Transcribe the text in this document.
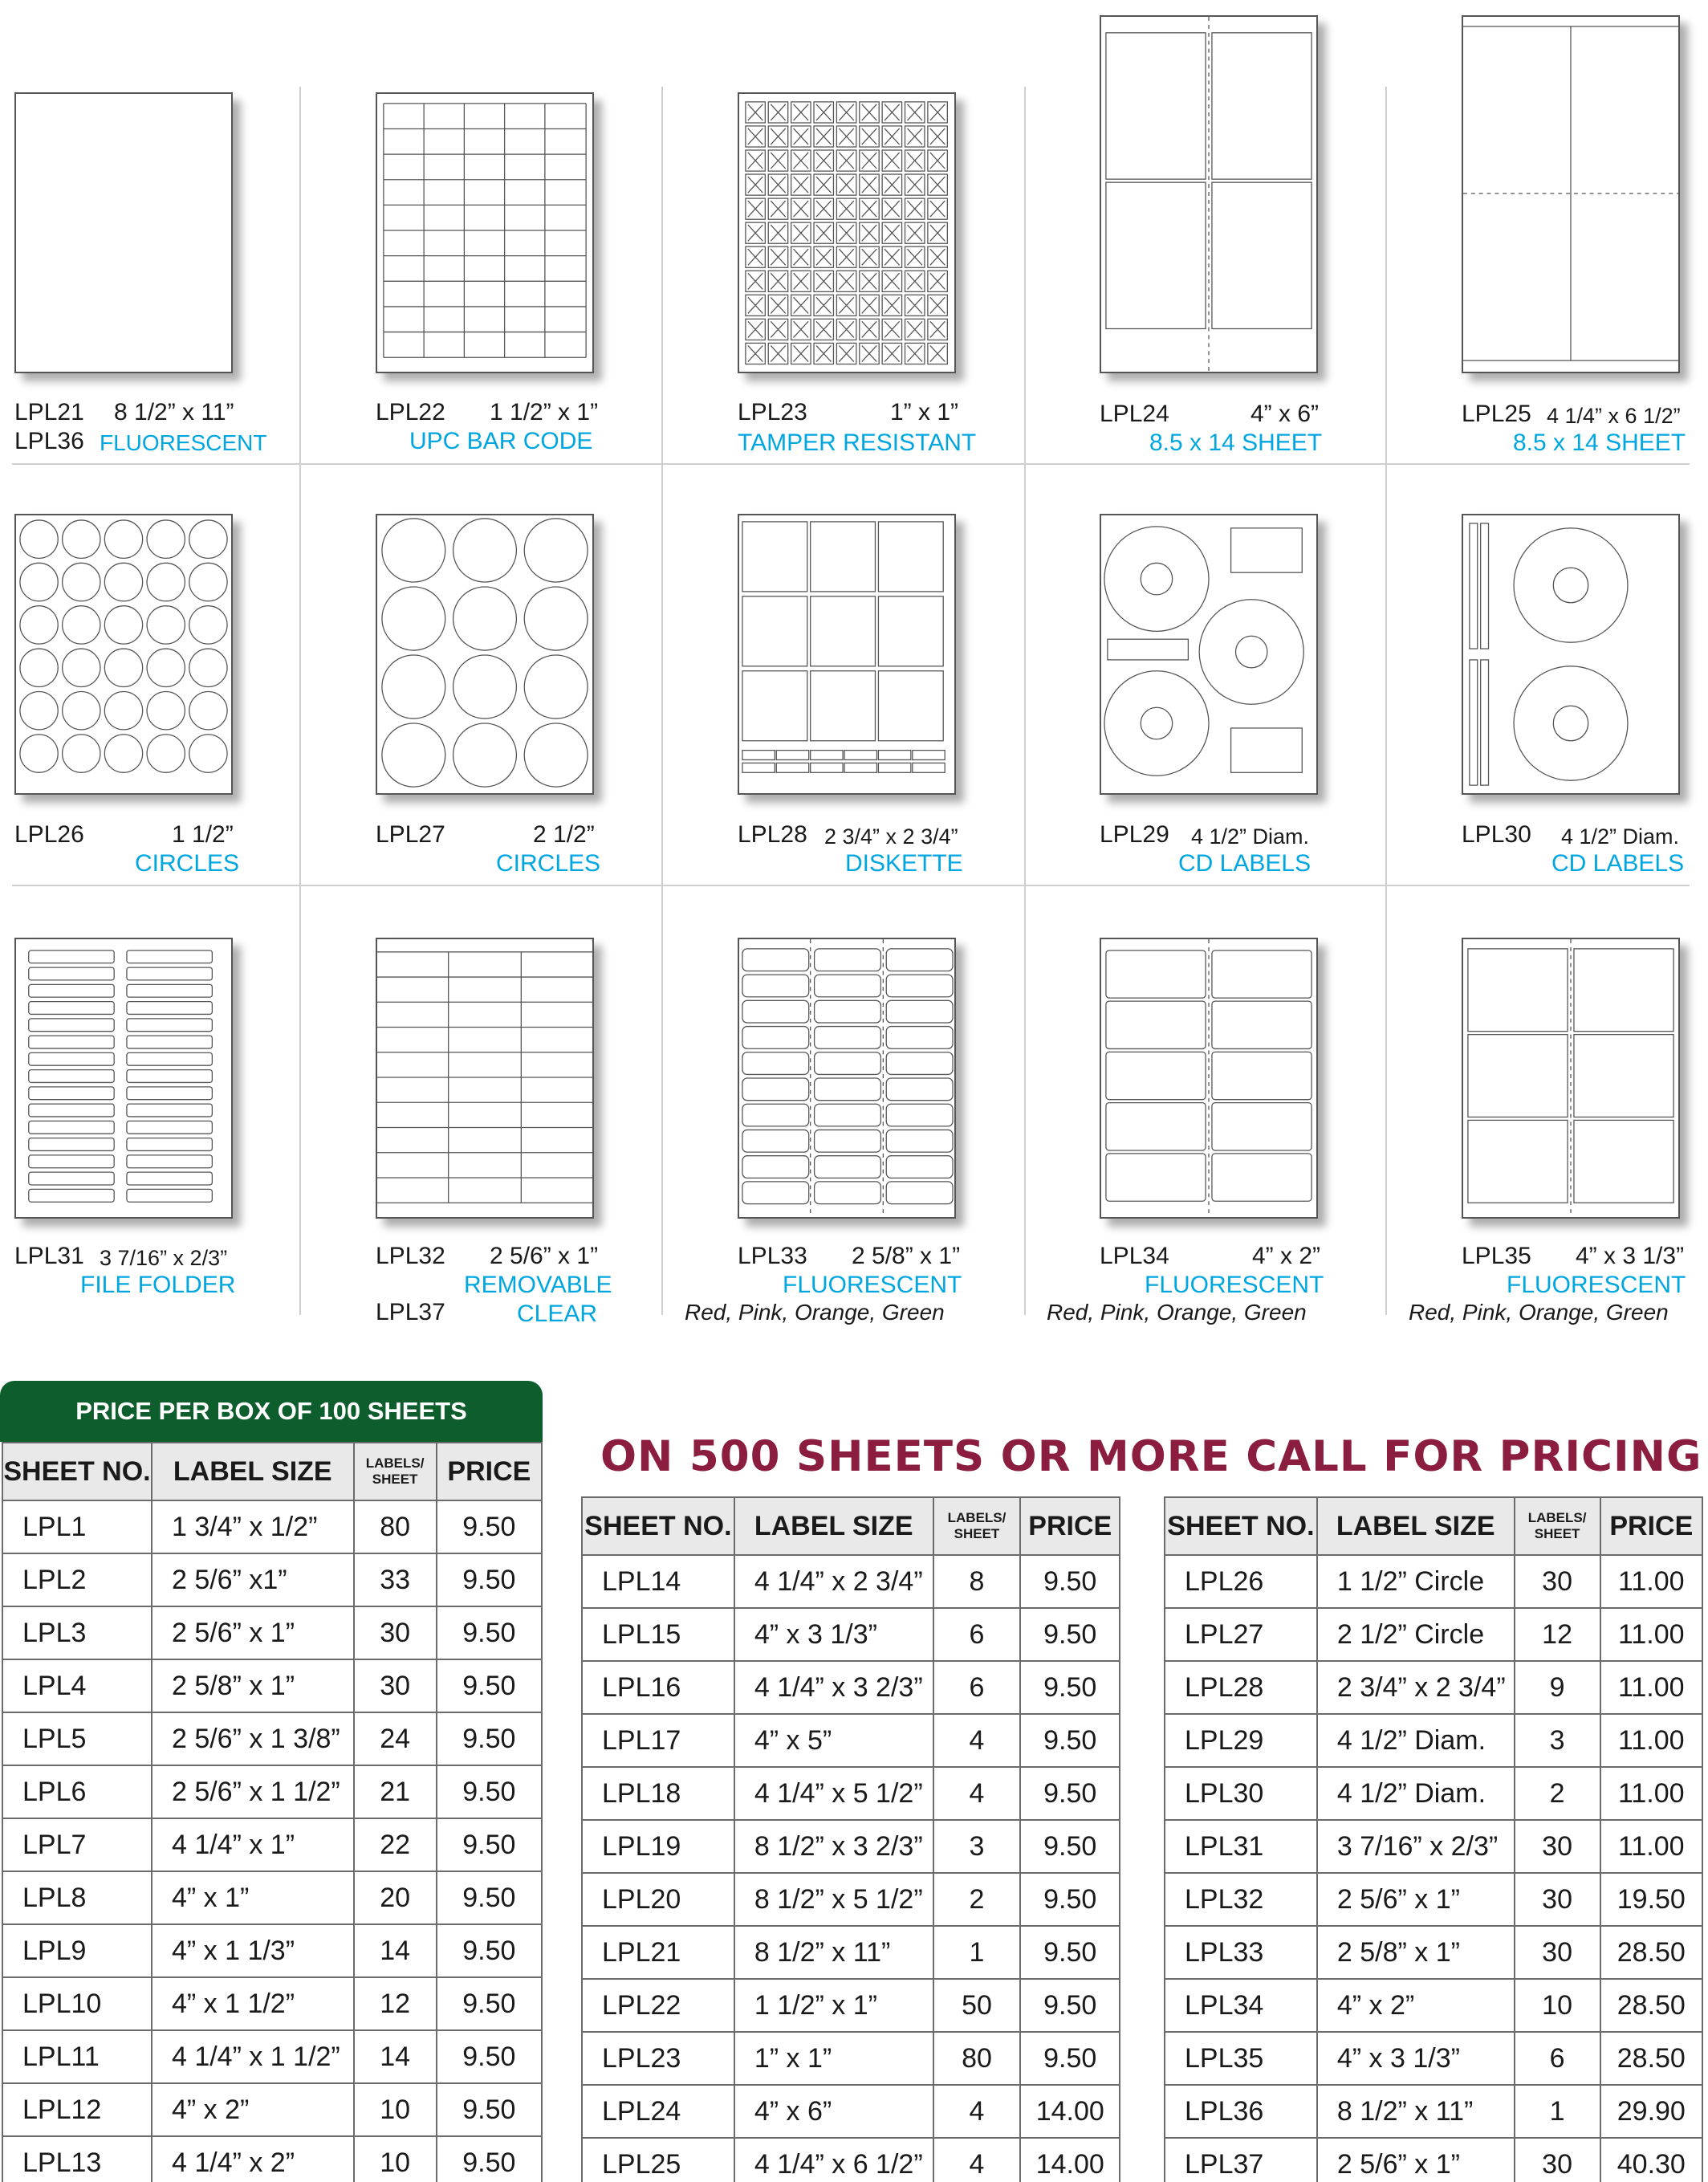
LPL21 8 1/2” x 11”
LPL36 FLUORESCENT
LPL22 1 1/2” x 1”
UPC BAR CODE
LPL23	1” x 1”
TAMPER RESISTANT
LPL24	4” x 6”
8.5 x 14 SHEET
LPL25 4 1/4” x 6 1/2”
8.5 x 14 SHEET
LPL26	1 1/2”
CIRCLES
LPL27	2 1/2”
CIRCLES
LPL28 2 3/4” x 2 3/4”
DISKETTE
LPL29 4 1/2” Diam.
CD LABELS
LPL30 4 1/2” Diam.
CD LABELS
LPL31 3 7/16” x 2/3”
FILE FOLDER
LPL32 2 5/6” x 1”
REMOVABLE
LPL37	CLEAR
LPL33 2 5/8” x 1”
FLUORESCENT
Red, Pink, Orange, Green
LPL34	4” x 2”
FLUORESCENT
Red, Pink, Orange, Green
LPL35 4” x 3 1/3”
FLUORESCENT
Red, Pink, Orange, Green
PRICE PER BOX OF 100 SHEETS
ON 500 SHEETS OR MORE CALL FOR PRICING
SHEET NO.	LABEL SIZE	LABELS/
SHEET	PRICE
LPL1	1 3/4” x 1/2”	80	9.50
LPL2	2 5/6” x1”	33	9.50
LPL3	2 5/6” x 1”	30	9.50
LPL4	2 5/8” x 1”	30	9.50
LPL5	2 5/6” x 1 3/8”	24	9.50
LPL6	2 5/6” x 1 1/2”	21	9.50
LPL7	4 1/4” x 1”	22	9.50
LPL8	4” x 1”	20	9.50
LPL9	4” x 1 1/3”	14	9.50
LPL10	4” x 1 1/2”	12	9.50
LPL11	4 1/4” x 1 1/2”	14	9.50
LPL12	4” x 2”	10	9.50
LPL13	4 1/4” x 2”	10	9.50
SHEET NO.	LABEL SIZE	LABELS/
SHEET	PRICE
LPL14	4 1/4” x 2 3/4”	8	9.50
LPL15	4” x 3 1/3”	6	9.50
LPL16	4 1/4” x 3 2/3”	6	9.50
LPL17	4” x 5”	4	9.50
LPL18	4 1/4” x 5 1/2”	4	9.50
LPL19	8 1/2” x 3 2/3”	3	9.50
LPL20	8 1/2” x 5 1/2”	2	9.50
LPL21	8 1/2” x 11”	1	9.50
LPL22	1 1/2” x 1”	50	9.50
LPL23	1” x 1”	80	9.50
LPL24	4” x 6”	4	14.00
LPL25	4 1/4” x 6 1/2”	4	14.00
SHEET NO.	LABEL SIZE	LABELS/
SHEET	PRICE
LPL26	1 1/2” Circle	30	11.00
LPL27	2 1/2” Circle	12	11.00
LPL28	2 3/4” x 2 3/4”	9	11.00
LPL29	4 1/2” Diam.	3	11.00
LPL30	4 1/2” Diam.	2	11.00
LPL31	3 7/16” x 2/3”	30	11.00
LPL32	2 5/6” x 1”	30	19.50
LPL33	2 5/8” x 1”	30	28.50
LPL34	4” x 2”	10	28.50
LPL35	4” x 3 1/3”	6	28.50
LPL36	8 1/2” x 11”	1	29.90
LPL37	2 5/6” x 1”	30	40.30
